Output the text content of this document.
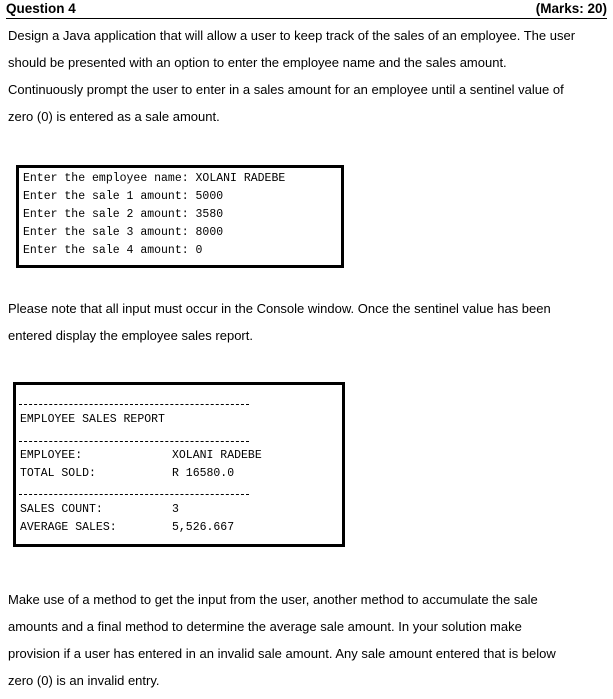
Question 4	(Marks: 20)
Design a Java application that will allow a user to keep track of the sales of an employee. The user
should be presented with an option to enter the employee name and the sales amount.
Continuously prompt the user to enter in a sales amount for an employee until a sentinel value of
zero (0) is entered as a sale amount.
Enter the employee name: XOLANI RADEBE
Enter the sale 1 amount: 5000
Enter the sale 2 amount: 3580
Enter the sale 3 amount: 8000
Enter the sale 4 amount: 0
Please note that all input must occur in the Console window. Once the sentinel value has been
entered display the employee sales report.
EMPLOYEE SALES REPORT
EMPLOYEE:	XOLANI RADEBE
TOTAL SOLD:	R 16580.0
SALES COUNT:	3
AVERAGE SALES:	5,526.667
Make use of a method to get the input from the user, another method to accumulate the sale
amounts and a final method to determine the average sale amount. In your solution make
provision if a user has entered in an invalid sale amount. Any sale amount entered that is below
zero (0) is an invalid entry.
